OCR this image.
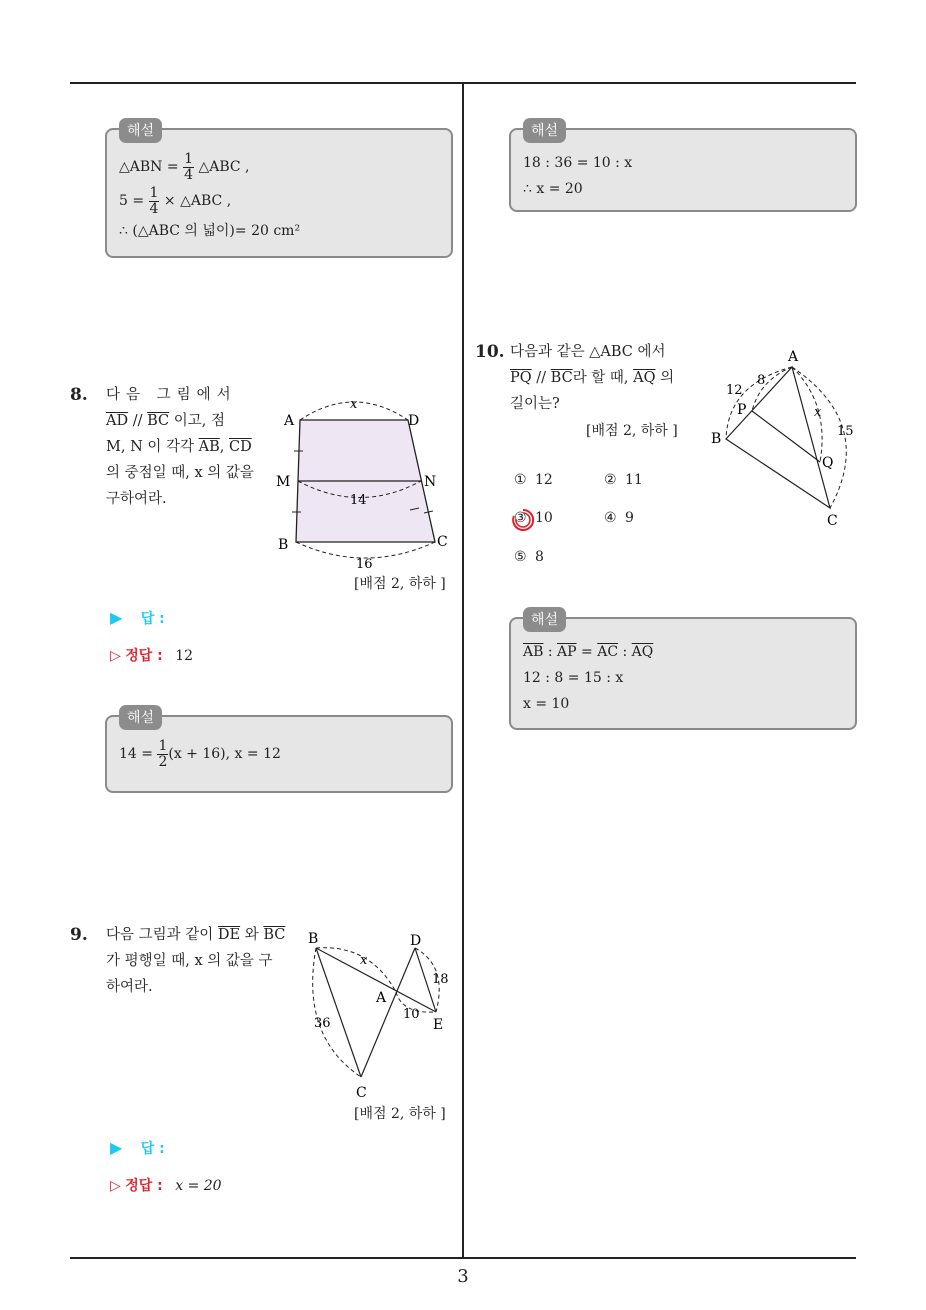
3
해설
△ABN = $\frac{1}{4}$ △ABC ,
$5 = \frac{1}{4}$ × △ABC ,
∴ (△ABC 의 넓이)= 20 cm²
해설
18 : 36 = 10 : x
∴ x = 20
8. 다음 그림에서
$\overline{AD} // \overline{BC}$ 이고, 점
M, N 이 각각 $\overline{AB}$, $\overline{CD}$
의 중점일 때, x 의 값을
구하여라.
A	D
M	N
B	C
x
14
16
[배점 2, 하하 ]
▶ 답 :
▷ 정답 : 12
해설
$14 = \frac{1}{2} (x + 16)$, x = 12
9. 다음 그림과 같이 $\overline{DE}$ 와 $\overline{BC}$
가 평행일 때, x 의 값을 구
하여라.
B	D
A
C
E
x
18
36
10
[배점 2, 하하 ]
▶ 답 :
▷ 정답 : x = 20
10. 다음과 같은 △ABC 에서
$\overline{PQ} // \overline{BC}$라 할 때, $\overline{AQ}$ 의
길이는?
[배점 2, 하하 ]
A
P
B
Q
C
x
12
8
15
① 12	② 11
③ 10	④ 9
⑤ 8
해설
$\overline{AB}$ : $\overline{AP} = \overline{AC}$ : $\overline{AQ}$
12 : 8 = 15 : x
x = 10
